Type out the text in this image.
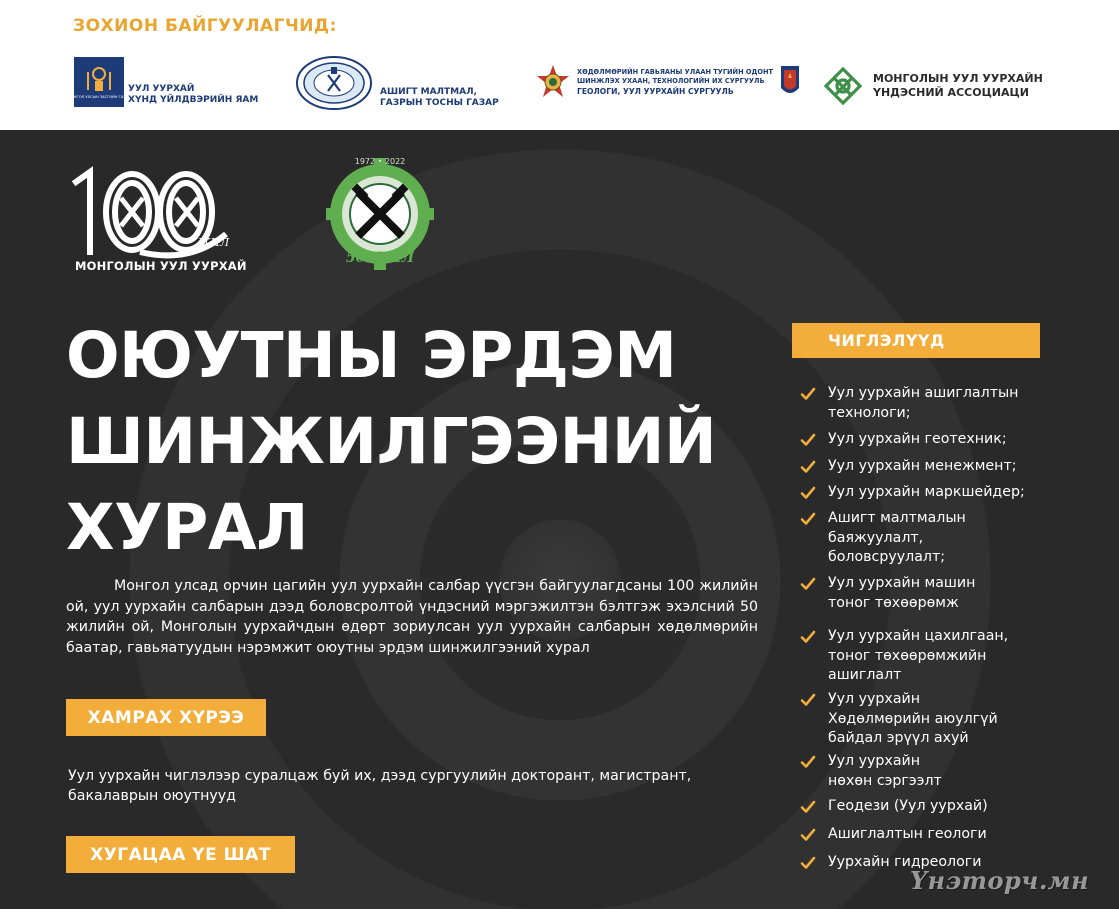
ЗОХИОН БАЙГУУЛАГЧИД:
МОНГОЛ УЛСЫН ЗАСГИЙН ГАЗАР
УУЛ УУРХАЙ
ХҮНД ҮЙЛДВЭРИЙН ЯАМ
АШИГТ МАЛТМАЛ,
ГАЗРЫН ТОСНЫ ГАЗАР
ХӨДӨЛМӨРИЙН ГАВЬЯАНЫ УЛААН ТУГИЙН ОДОНТ
ШИНЖЛЭХ УХААН, ТЕХНОЛОГИЙН ИХ СУРГУУЛЬ
ГЕОЛОГИ, УУЛ УУРХАЙН СУРГУУЛЬ
МОНГОЛЫН УУЛ УУРХАЙН
ҮНДЭСНИЙ АССОЦИАЦИ
ЖИЛ
МОНГОЛЫН УУЛ УУРХАЙ
1972 • 2022
50 ЖИЛ
ОЮУТНЫ ЭРДЭМ
ШИНЖИЛГЭЭНИЙ
ХУРАЛ

Монгол улсад орчин цагийн уул уурхайн салбар үүсгэн байгуулагдсаны 100 жилийн ой, уул уурхайн салбарын дээд боловсролтой үндэсний мэргэжилтэн бэлтгэж эхэлсний 50 жилийн ой, Монголын уурхайчдын өдөрт зориулсан уул уурхайн салбарын хөдөлмөрийн баатар, гавьяатуудын нэрэмжит оюутны эрдэм шинжилгээний хурал

ХАМРАХ ХҮРЭЭ

Уул уурхайн чиглэлээр суралцаж буй их, дээд сургуулийн докторант, магистрант, бакалаврын оюутнууд

ХУГАЦАА ҮЕ ШАТ
ЧИГЛЭЛҮҮД
Уул уурхайн ашиглалтын
технологи;
Уул уурхайн геотехник;
Уул уурхайн менежмент;
Уул уурхайн маркшейдер;
Ашигт малтмалын
баяжуулалт,
боловсруулалт;
Уул уурхайн машин
тоног төхөөрөмж
Уул уурхайн цахилгаан,
тоног төхөөрөмжийн
ашиглалт
Уул уурхайн
Хөдөлмөрийн аюулгүй
байдал эрүүл ахуй
Уул уурхайн
нөхөн сэргээлт
Геодези (Уул уурхай)
Ашиглалтын геологи
Уурхайн гидреологи
Үнэторч.мн
